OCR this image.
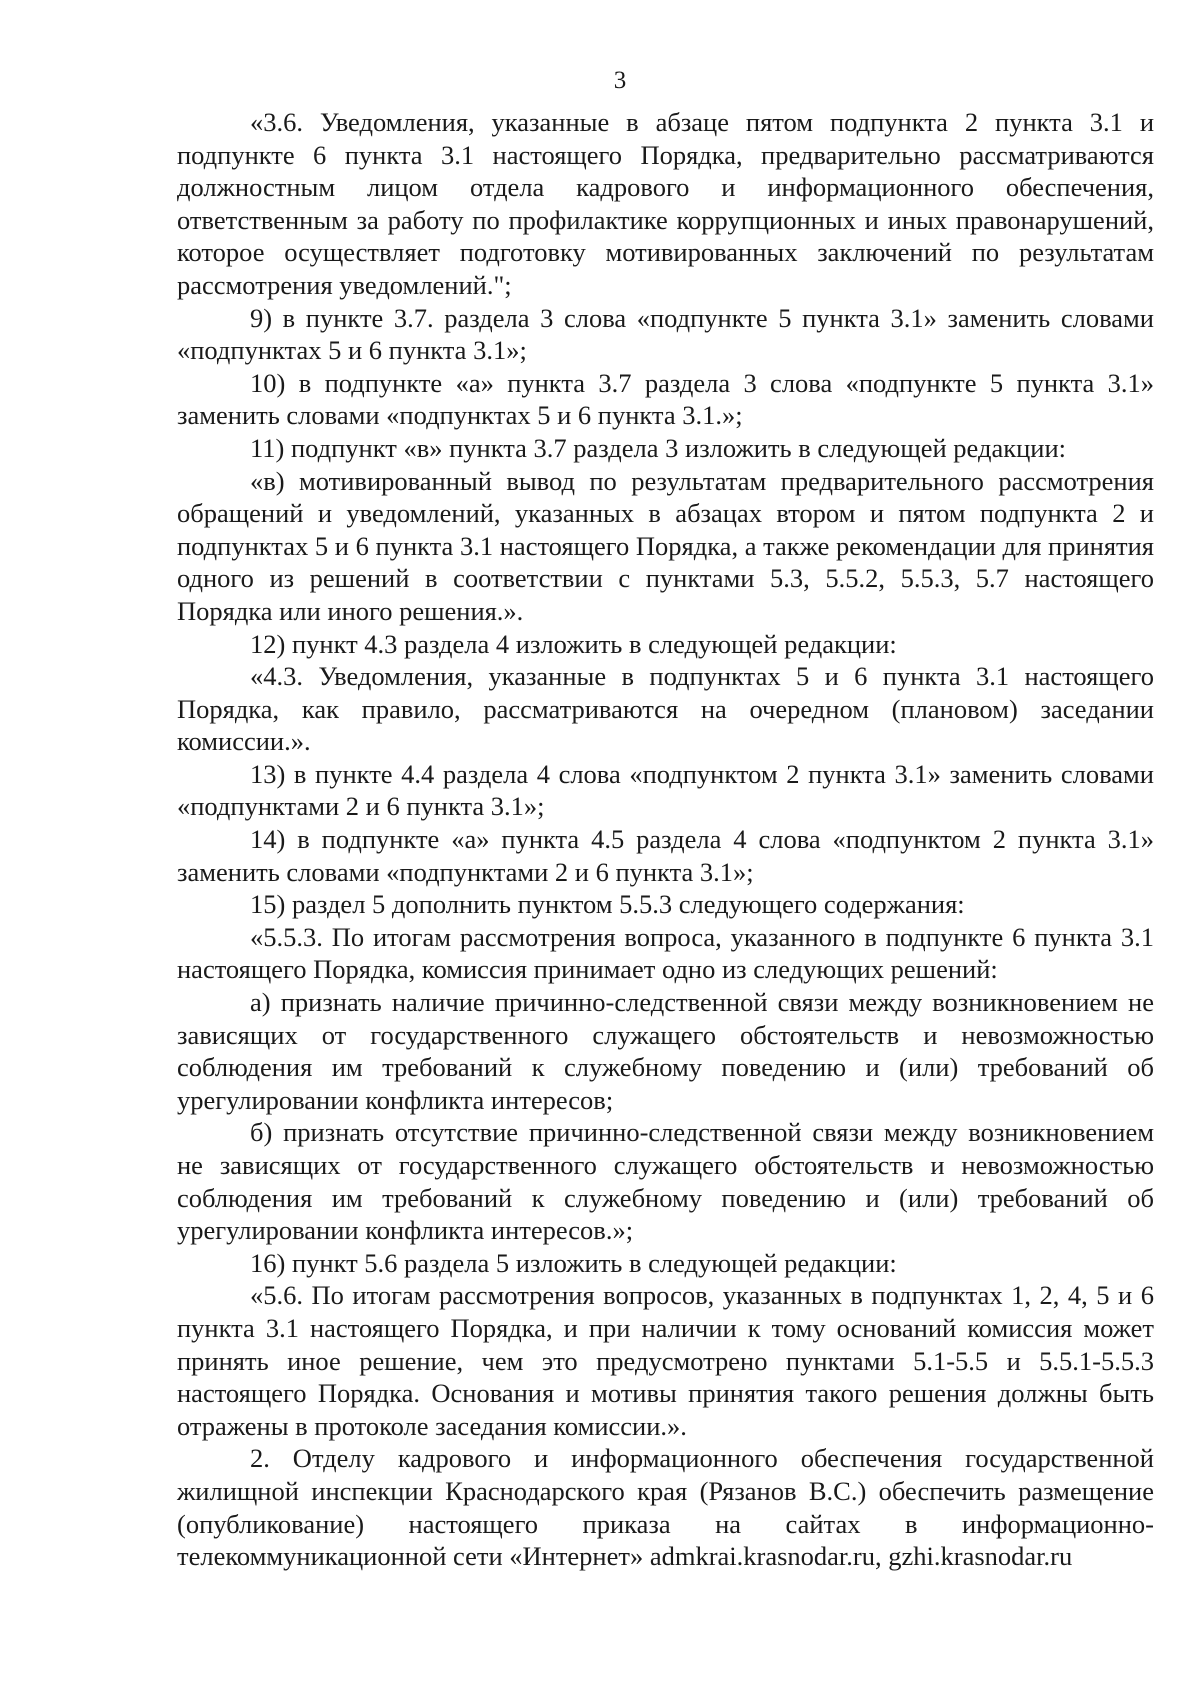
3

«3.6. Уведомления, указанные в абзаце пятом подпункта 2 пункта 3.1 и подпункте 6 пункта 3.1 настоящего Порядка, предварительно рассматриваются должностным лицом отдела кадрового и информационного обеспечения, ответственным за работу по профилактике коррупционных и иных правонарушений, которое осуществляет подготовку мотивированных заключений по результатам рассмотрения уведомлений.";

9) в пункте 3.7. раздела 3 слова «подпункте 5 пункта 3.1» заменить словами «подпунктах 5 и 6 пункта 3.1»;

10) в подпункте «а» пункта 3.7 раздела 3 слова «подпункте 5 пункта 3.1» заменить словами «подпунктах 5 и 6 пункта 3.1.»;

11) подпункт «в» пункта 3.7 раздела 3 изложить в следующей редакции:

«в) мотивированный вывод по результатам предварительного рассмотрения обращений и уведомлений, указанных в абзацах втором и пятом подпункта 2 и подпунктах 5 и 6 пункта 3.1 настоящего Порядка, а также рекомендации для принятия одного из решений в соответствии с пунктами 5.3, 5.5.2, 5.5.3, 5.7 настоящего Порядка или иного решения.».

12) пункт 4.3 раздела 4 изложить в следующей редакции:

«4.3. Уведомления, указанные в подпунктах 5 и 6 пункта 3.1 настоящего Порядка, как правило, рассматриваются на очередном (плановом) заседании комиссии.».

13) в пункте 4.4 раздела 4 слова «подпунктом 2 пункта 3.1» заменить словами «подпунктами 2 и 6 пункта 3.1»;

14) в подпункте «а» пункта 4.5 раздела 4 слова «подпунктом 2 пункта 3.1» заменить словами «подпунктами 2 и 6 пункта 3.1»;

15) раздел 5 дополнить пунктом 5.5.3 следующего содержания:

«5.5.3. По итогам рассмотрения вопроса, указанного в подпункте 6 пункта 3.1 настоящего Порядка, комиссия принимает одно из следующих решений:

а) признать наличие причинно-следственной связи между возникновением не зависящих от государственного служащего обстоятельств и невозможностью соблюдения им требований к служебному поведению и (или) требований об урегулировании конфликта интересов;

б) признать отсутствие причинно-следственной связи между возникновением не зависящих от государственного служащего обстоятельств и невозможностью соблюдения им требований к служебному поведению и (или) требований об урегулировании конфликта интересов.»;

16) пункт 5.6 раздела 5 изложить в следующей редакции:

«5.6. По итогам рассмотрения вопросов, указанных в подпунктах 1, 2, 4, 5 и 6 пункта 3.1 настоящего Порядка, и при наличии к тому оснований комиссия может принять иное решение, чем это предусмотрено пунктами 5.1-5.5 и 5.5.1-5.5.3 настоящего Порядка. Основания и мотивы принятия такого решения должны быть отражены в протоколе заседания комиссии.».

2. Отделу кадрового и информационного обеспечения государственной жилищной инспекции Краснодарского края (Рязанов В.С.) обеспечить размещение (опубликование) настоящего приказа на сайтах в информационно-телекоммуникационной сети «Интернет» admkrai.krasnodar.ru, gzhi.krasnodar.ru
